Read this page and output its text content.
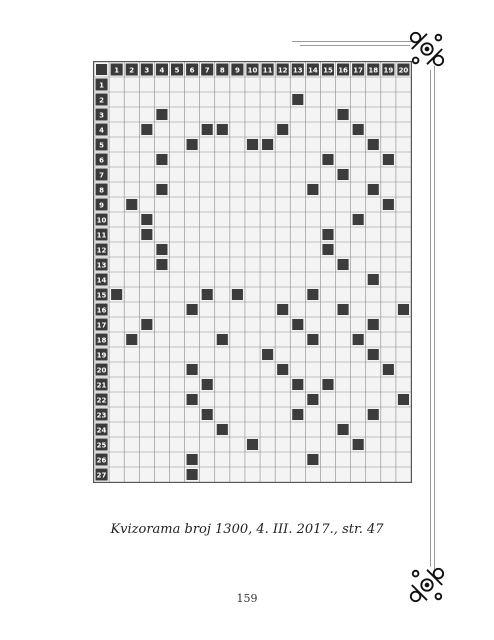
1 2 3 4 5 6 7 8 9 10 11 12 13 14 15 16 17 18 19 20
1
2
3
4
5
6
7
8
9
10
11
12
13
14
15
16
17
18
19
20
21
22
23
24
25
26
27
Kvizorama broj 1300, 4. III. 2017., str. 47
159
